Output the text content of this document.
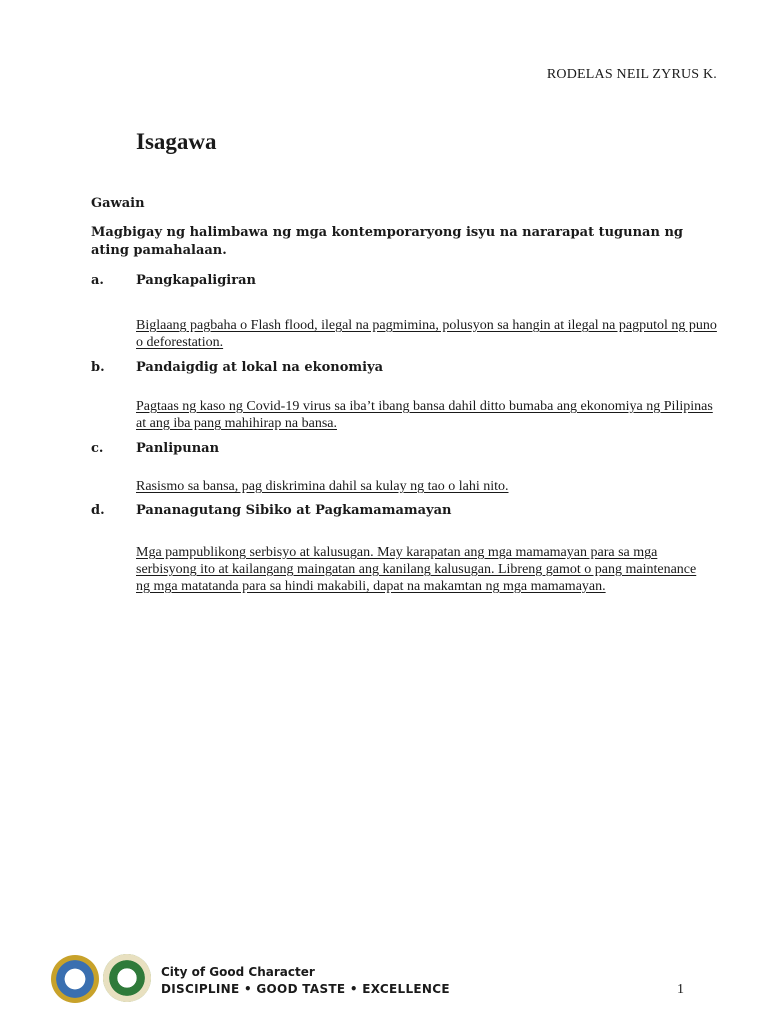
RODELAS NEIL ZYRUS K.
Isagawa
Gawain
Magbigay ng halimbawa ng mga kontemporaryong isyu na nararapat tugunan ng ating pamahalaan.
a. Pangkapaligiran
Biglaang pagbaha o Flash flood, ilegal na pagmimina, polusyon sa hangin at ilegal na pagputol ng puno o deforestation.
b. Pandaigdig at lokal na ekonomiya
Pagtaas ng kaso ng Covid-19 virus sa iba’t ibang bansa dahil ditto bumaba ang ekonomiya ng Pilipinas at ang iba pang mahihirap na bansa.
c.	Panlipunan
Rasismo sa bansa, pag diskrimina dahil sa kulay ng tao o lahi nito.
d. Pananagutang Sibiko at Pagkamamamayan
Mga pampublikong serbisyo at kalusugan. May karapatan ang mga mamamayan para sa mga serbisyong ito at kailangang maingatan ang kanilang kalusugan. Libreng gamot o pang maintenance ng mga matatanda para sa hindi makabili, dapat na makamtan ng mga mamamayan.
City of Good Character
DISCIPLINE • GOOD TASTE • EXCELLENCE	1
